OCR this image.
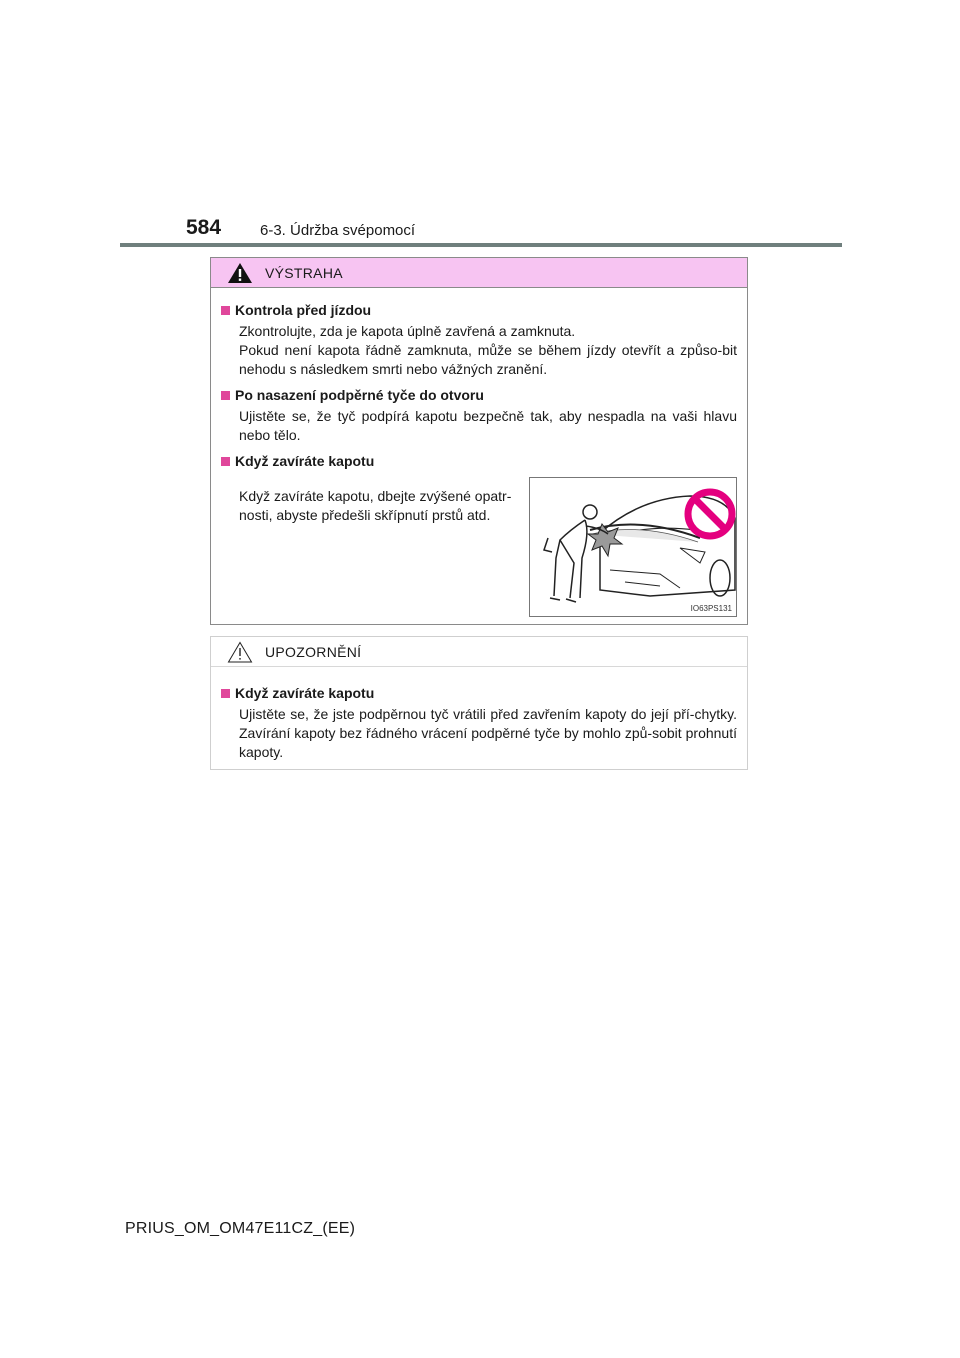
584	6-3. Údržba svépomocí
VÝSTRAHA
Kontrola před jízdou

Zkontrolujte, zda je kapota úplně zavřená a zamknuta.

Pokud není kapota řádně zamknuta, může se během jízdy otevřít a způso-bit nehodu s následkem smrti nebo vážných zranění.

Po nasazení podpěrné tyče do otvoru

Ujistěte se, že tyč podpírá kapotu bezpečně tak, aby nespadla na vaši hlavu nebo tělo.

Když zavíráte kapotu
Když zavíráte kapotu, dbejte zvýšené opatr-nosti, abyste předešli skřípnutí prstů atd.
IO63PS131
UPOZORNĚNÍ
Když zavíráte kapotu

Ujistěte se, že jste podpěrnou tyč vrátili před zavřením kapoty do její pří-chytky. Zavírání kapoty bez řádného vrácení podpěrné tyče by mohlo způ-sobit prohnutí kapoty.

PRIUS_OM_OM47E11CZ_(EE)
